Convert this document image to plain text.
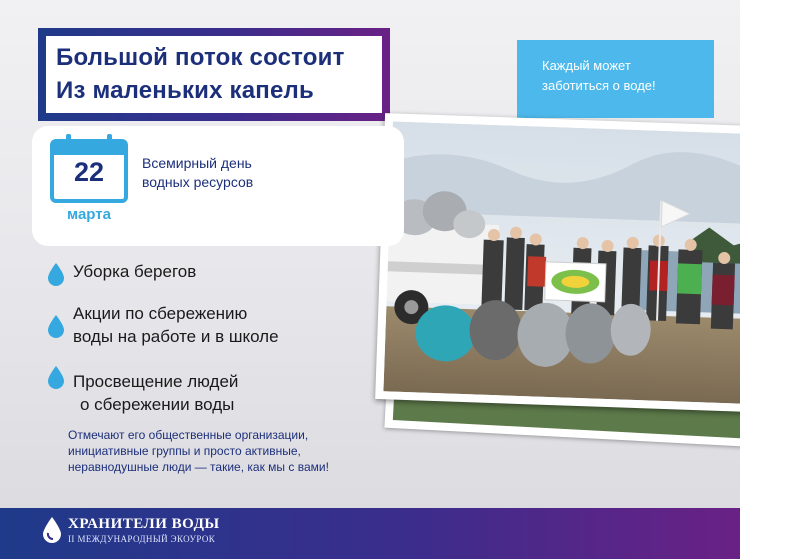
Большой поток состоит
Из маленьких капель
Каждый может
заботиться о воде!
22
марта
Всемирный день
водных ресурсов
Уборка берегов
Акции по сбережению
воды на работе и в школе
Просвещение людей
о сбережении воды
Отмечают его общественные организации,
инициативные группы и просто активные,
неравнодушные люди — такие, как мы с вами!
ХРАНИТЕЛИ ВОДЫ
II МЕЖДУНАРОДНЫЙ ЭКОУРОК
